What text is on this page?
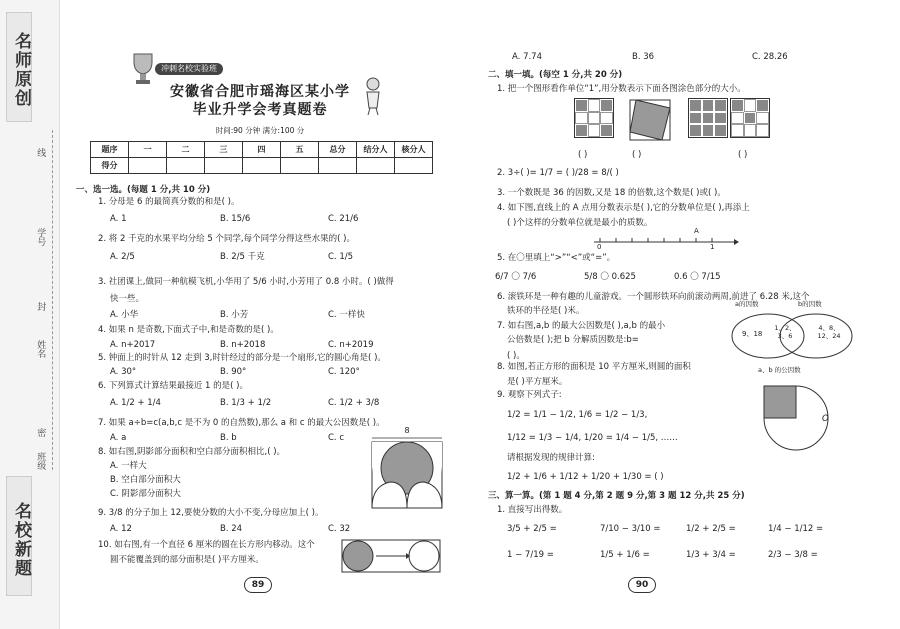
名师原创
线
学号
封
姓名
密
班级
名校新题
冲刺名校实验班
安徽省合肥市瑶海区某小学
毕业升学会考真题卷
时间:90 分钟 满分:100 分
题序	一	二	三	四	五	总分	结分人	核分人
得分								
一、选一选。(每题 1 分,共 10 分)
1. 分母是 6 的最简真分数的和是( )。
A. 1	B. 15/6	C. 21/6
2. 将 2 千克的水果平均分给 5 个同学,每个同学分得这些水果的( )。
A. 2/5	B. 2/5 千克	C. 1/5
3. 社团课上,做同一种航模飞机,小华用了 5/6 小时,小芳用了 0.8 小时。( )做得
快一些。
A. 小华	B. 小芳	C. 一样快
4. 如果 n 是奇数,下面式子中,和是奇数的是( )。
A. n+2017	B. n+2018	C. n+2019
5. 钟面上的时针从 12 走到 3,时针经过的部分是一个扇形,它的圆心角是( )。
A. 30°	B. 90°	C. 120°
6. 下列算式计算结果最接近 1 的是( )。
A. 1/2 + 1/4	B. 1/3 + 1/2	C. 1/2 + 3/8
7. 如果 a÷b=c(a,b,c 是不为 0 的自然数),那么 a 和 c 的最大公因数是( )。
A. a	B. b	C. c
8. 如右图,阴影部分面积和空白部分面积相比,( )。
A. 一样大
B. 空白部分面积大
C. 阴影部分面积大
8
9. 3/8 的分子加上 12,要使分数的大小不变,分母应加上( )。
A. 12	B. 24	C. 32
10. 如右图,有一个直径 6 厘米的圆在长方形内移动。这个
圆不能覆盖到的部分面积是( )平方厘米。
89
A. 7.74	B. 36	C. 28.26
二、填一填。(每空 1 分,共 20 分)
1. 把一个图形看作单位“1”,用分数表示下面各图涂色部分的大小。
( )	( )	( )
2. 3÷( )= 1/7 = ( )/28 = 8/( )
3. 一个数既是 36 的因数,又是 18 的倍数,这个数是( )或( )。
4. 如下图,直线上的 A 点用分数表示是( ),它的分数单位是( ),再添上
( )个这样的分数单位就是最小的质数。
0
A
1
5. 在〇里填上“>”“<”或“=”。
6/7 〇 7/6	5/8 〇 0.625	0.6 〇 7/15
6. 滚铁环是一种有趣的儿童游戏。一个圆形铁环向前滚动两周,前进了 6.28 米,这个
铁环的半径是( )米。
7. 如右图,a,b 的最大公因数是( ),a,b 的最小
公倍数是( );把 b 分解质因数是:b=
( )。
a的因数	b的因数
9、18
1、2、3、6
4、8、12、24
a、b 的公因数
8. 如图,若正方形的面积是 10 平方厘米,则圆的面积
是( )平方厘米。
O
9. 观察下列式子:
1/2 = 1/1 − 1/2, 1/6 = 1/2 − 1/3,
1/12 = 1/3 − 1/4, 1/20 = 1/4 − 1/5, ……
请根据发现的规律计算:
1/2 + 1/6 + 1/12 + 1/20 + 1/30 = ( )
三、算一算。(第 1 题 4 分,第 2 题 9 分,第 3 题 12 分,共 25 分)
1. 直接写出得数。
3/5 + 2/5 =	7/10 − 3/10 =	1/2 + 2/5 =	1/4 − 1/12 =
1 − 7/19 =	1/5 + 1/6 =	1/3 + 3/4 =	2/3 − 3/8 =
90
